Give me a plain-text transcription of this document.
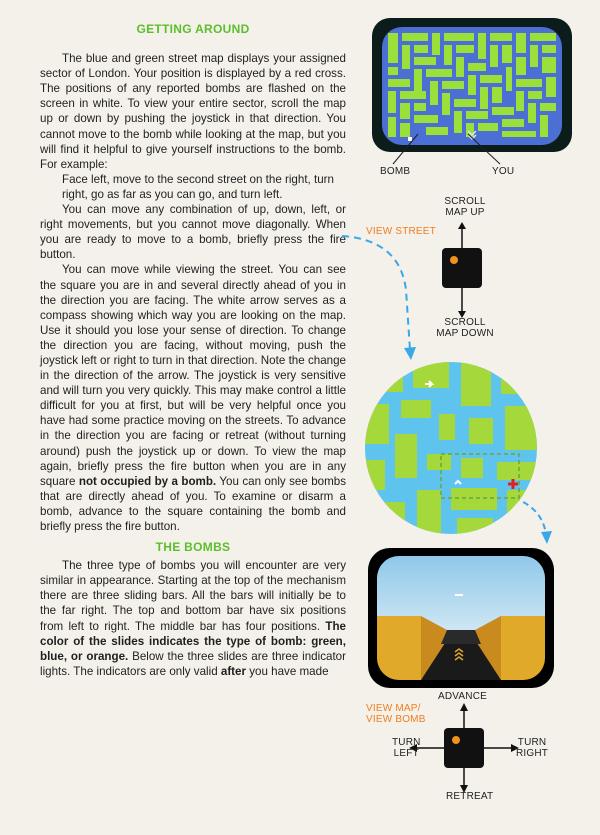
GETTING AROUND

The blue and green street map displays your assigned sector of London. Your position is displayed by a red cross. The positions of any reported bombs are flashed on the screen in white. To view your entire sector, scroll the map up or down by pushing the joystick in that direction. You cannot move to the bomb while looking at the map, but you will find it helpful to give yourself instructions to the bomb. For example:

Face left, move to the second street on the right, turn right, go as far as you can go, and turn left.

You can move any combination of up, down, left, or right movements, but you cannot move diagonally. When you are ready to move to a bomb, briefly press the fire button.

You can move while viewing the street. You can see the square you are in and several directly ahead of you in the direction you are facing. The white arrow serves as a compass showing which way you are looking on the map. Use it should you lose your sense of direction. To change the direction you are facing, without moving, push the joystick left or right to turn in that direction. Note the change in the direction of the arrow. The joystick is very sensitive and will turn you very quickly. This may make control a little difficult for you at first, but will be very helpful once you have had some practice moving on the streets. To advance in the direction you are facing or retreat (without turning around) push the joystick up or down. To view the map again, briefly press the fire button when you are in any square not occupied by a bomb. You can only see bombs that are directly ahead of you. To examine or disarm a bomb, advance to the square containing the bomb and briefly press the fire button.

THE BOMBS

The three type of bombs you will encounter are very similar in appearance. Starting at the top of the mechanism there are three sliding bars. All the bars will initially be to the far right. The top and bottom bar have six positions from left to right. The middle bar has four positions. The color of the slides indicates the type of bomb: green, blue, or orange. Below the three slides are three indicator lights. The indicators are only valid after you have made

BOMB	YOU
SCROLL
MAP UP
VIEW STREET
SCROLL
MAP DOWN
ADVANCE
VIEW MAP/
VIEW BOMB
TURN
LEFT
TURN
RIGHT
RETREAT
